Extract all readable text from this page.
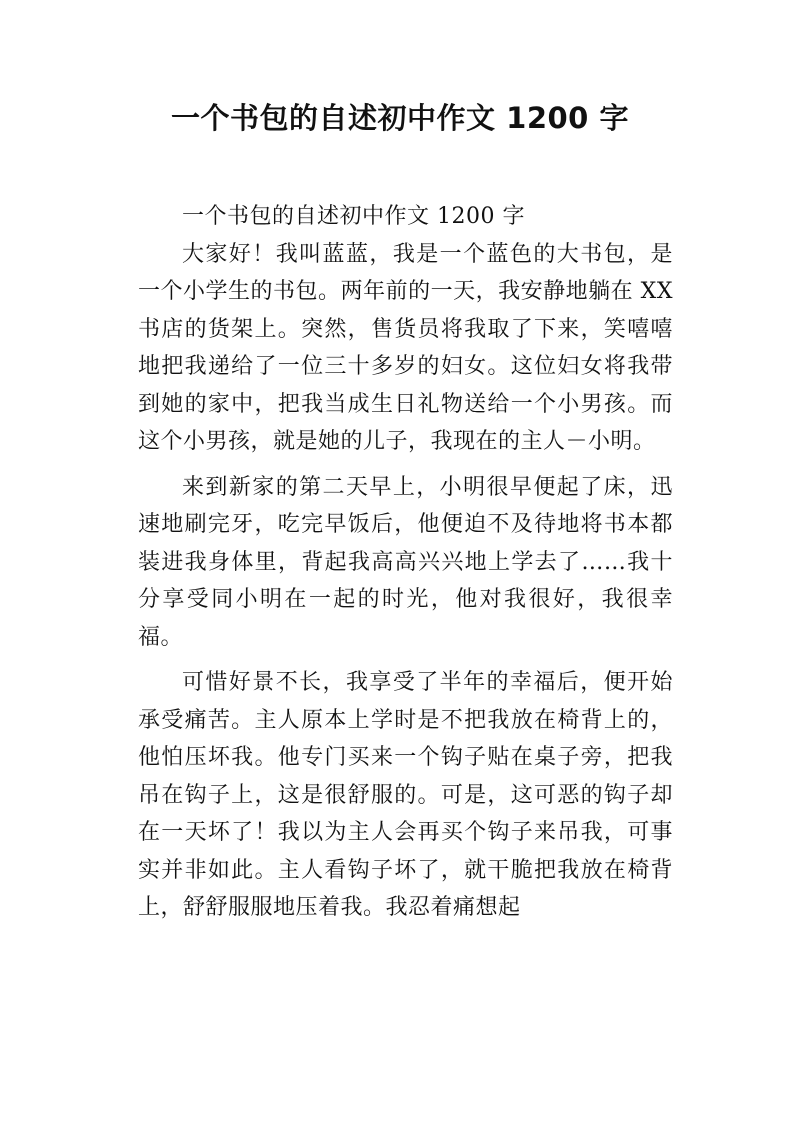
一个书包的自述初中作文 1200 字

一个书包的自述初中作文 1200 字

大家好！我叫蓝蓝，我是一个蓝色的大书包，是一个小学生的书包。两年前的一天，我安静地躺在 XX 书店的货架上。突然，售货员将我取了下来，笑嘻嘻地把我递给了一位三十多岁的妇女。这位妇女将我带到她的家中，把我当成生日礼物送给一个小男孩。而这个小男孩，就是她的儿子，我现在的主人－小明。

来到新家的第二天早上，小明很早便起了床，迅速地刷完牙，吃完早饭后，他便迫不及待地将书本都装进我身体里，背起我高高兴兴地上学去了……我十分享受同小明在一起的时光，他对我很好，我很幸福。

可惜好景不长，我享受了半年的幸福后，便开始承受痛苦。主人原本上学时是不把我放在椅背上的，他怕压坏我。他专门买来一个钩子贴在桌子旁，把我吊在钩子上，这是很舒服的。可是，这可恶的钩子却在一天坏了！我以为主人会再买个钩子来吊我，可事实并非如此。主人看钩子坏了，就干脆把我放在椅背上，舒舒服服地压着我。我忍着痛想起
